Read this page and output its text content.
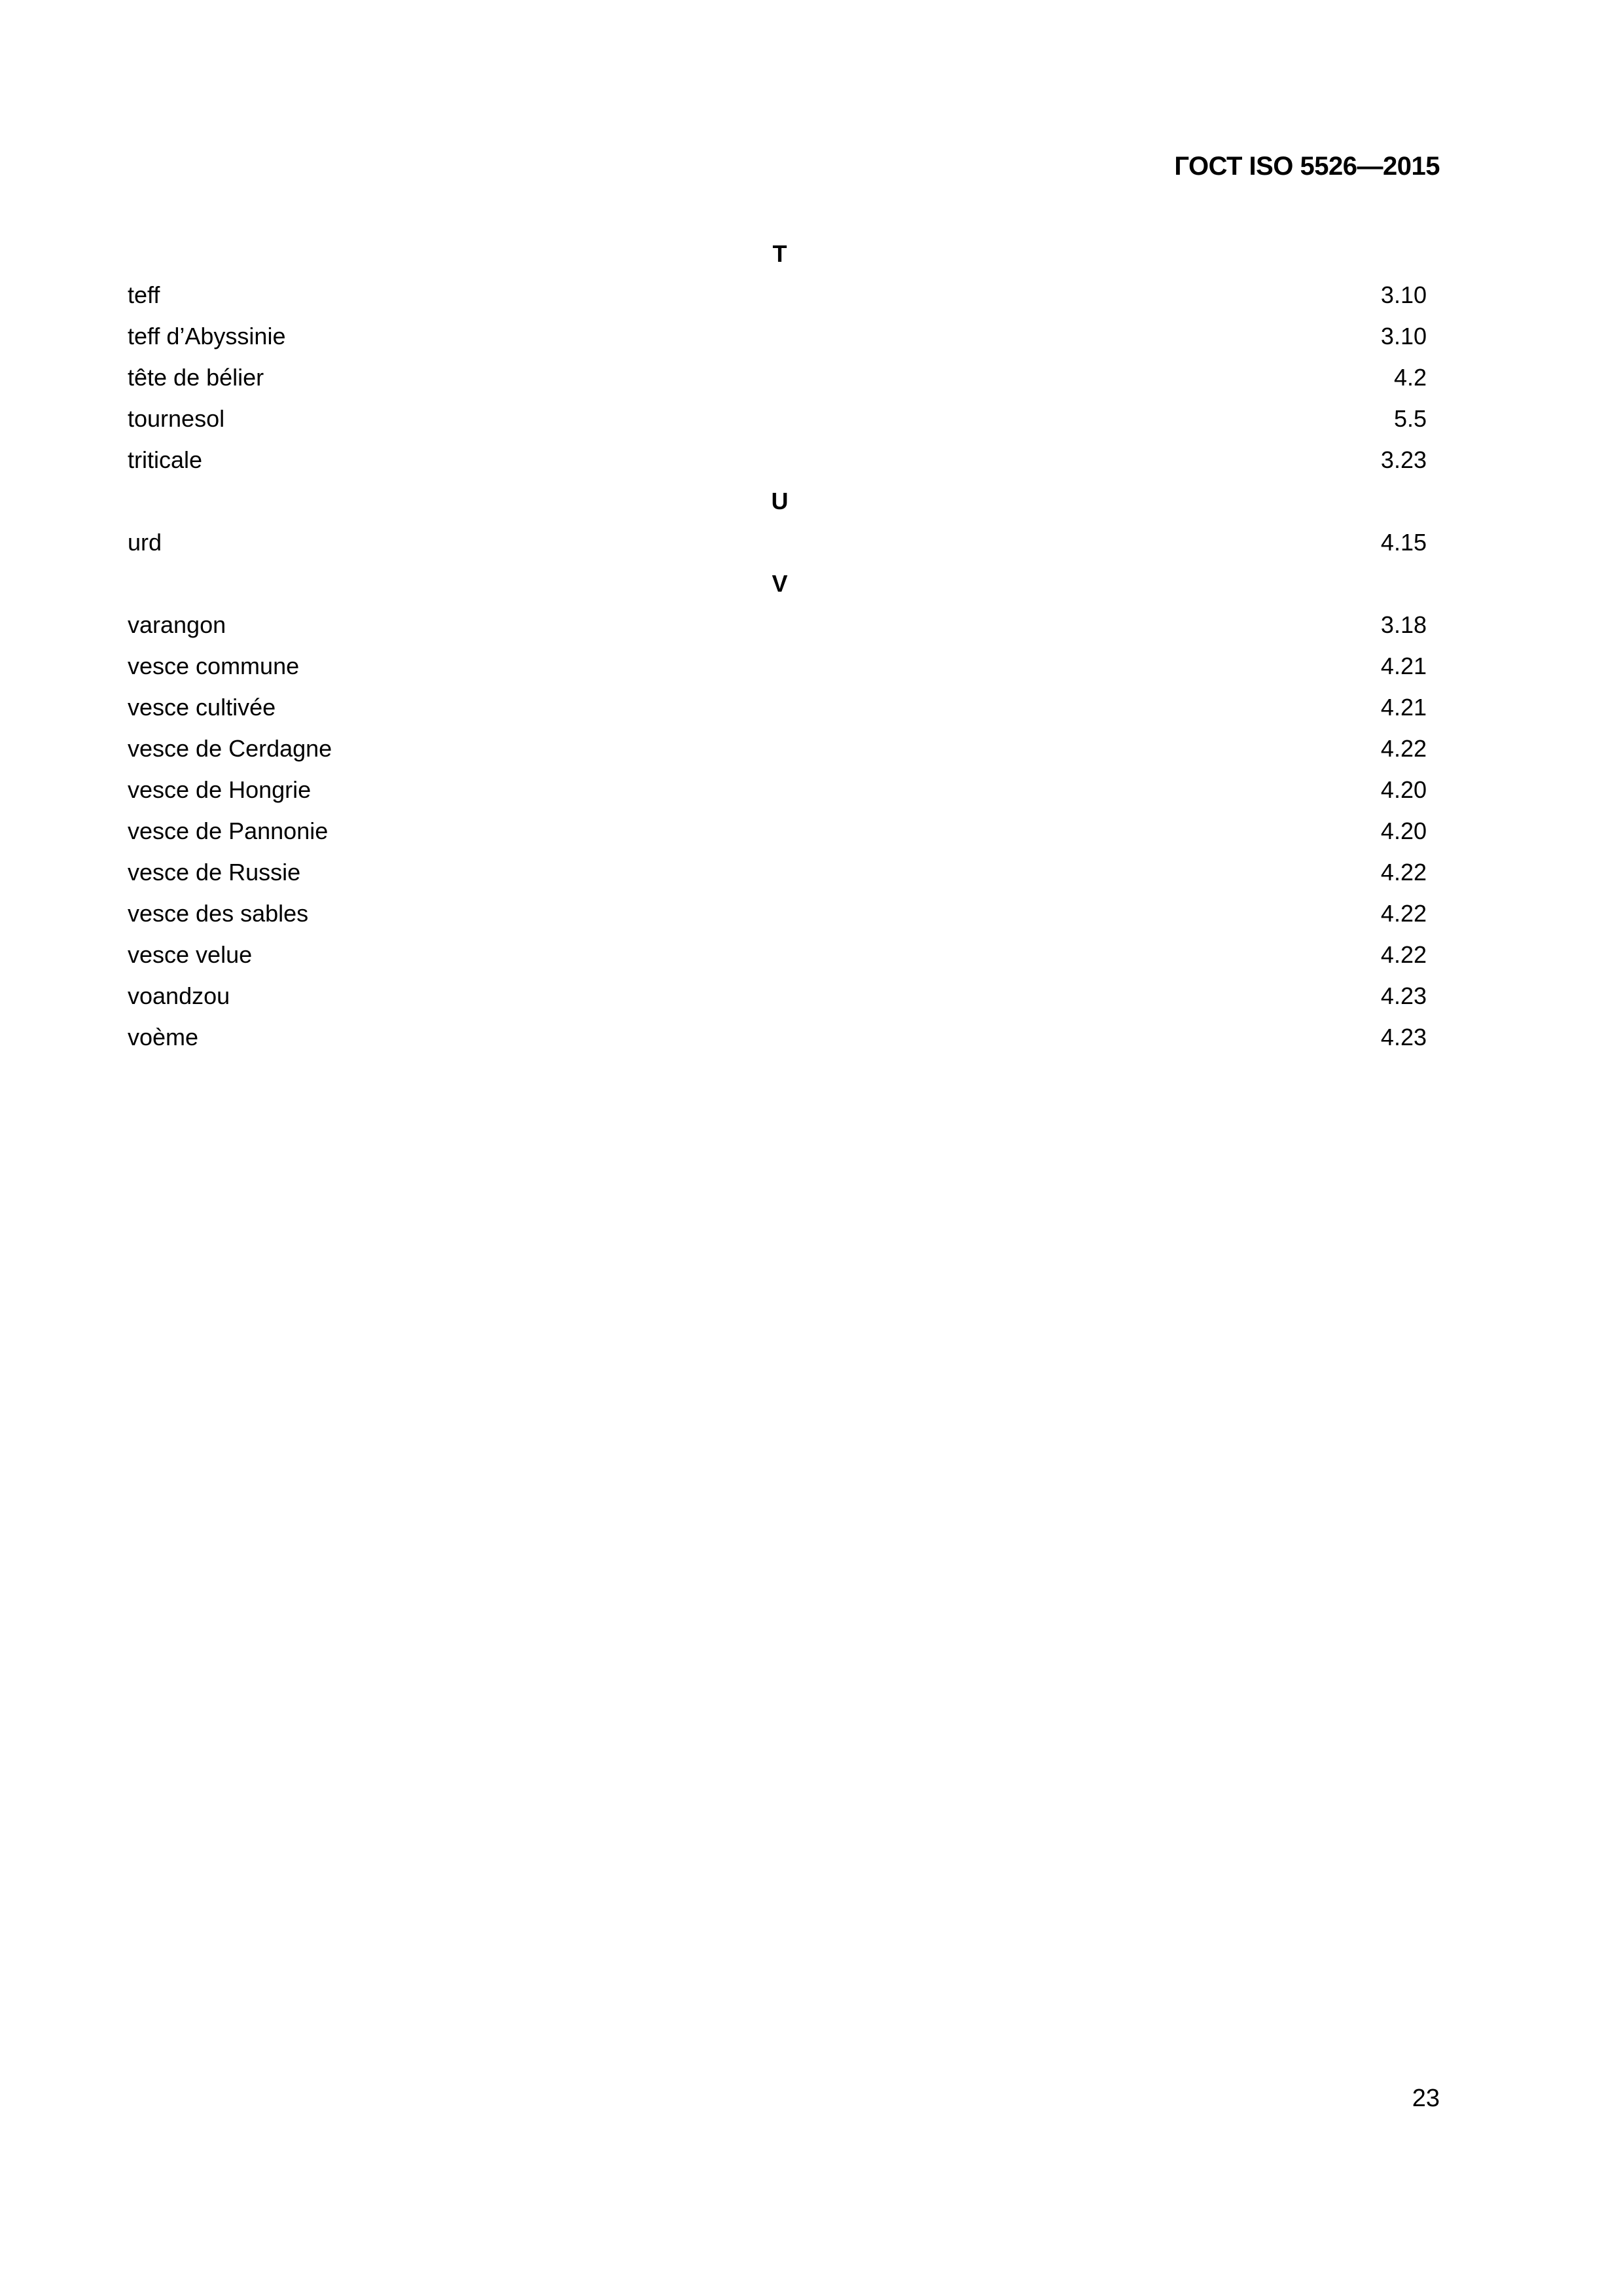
ГОСТ ISO 5526—2015
T
teff	3.10
teff d’Abyssinie	3.10
tête de bélier	4.2
tournesol	5.5
triticale	3.23
U
urd	4.15
V
varangon	3.18
vesce commune	4.21
vesce cultivée	4.21
vesce de Cerdagne	4.22
vesce de Hongrie	4.20
vesce de Pannonie	4.20
vesce de Russie	4.22
vesce des sables	4.22
vesce velue	4.22
voandzou	4.23
voème	4.23
23
